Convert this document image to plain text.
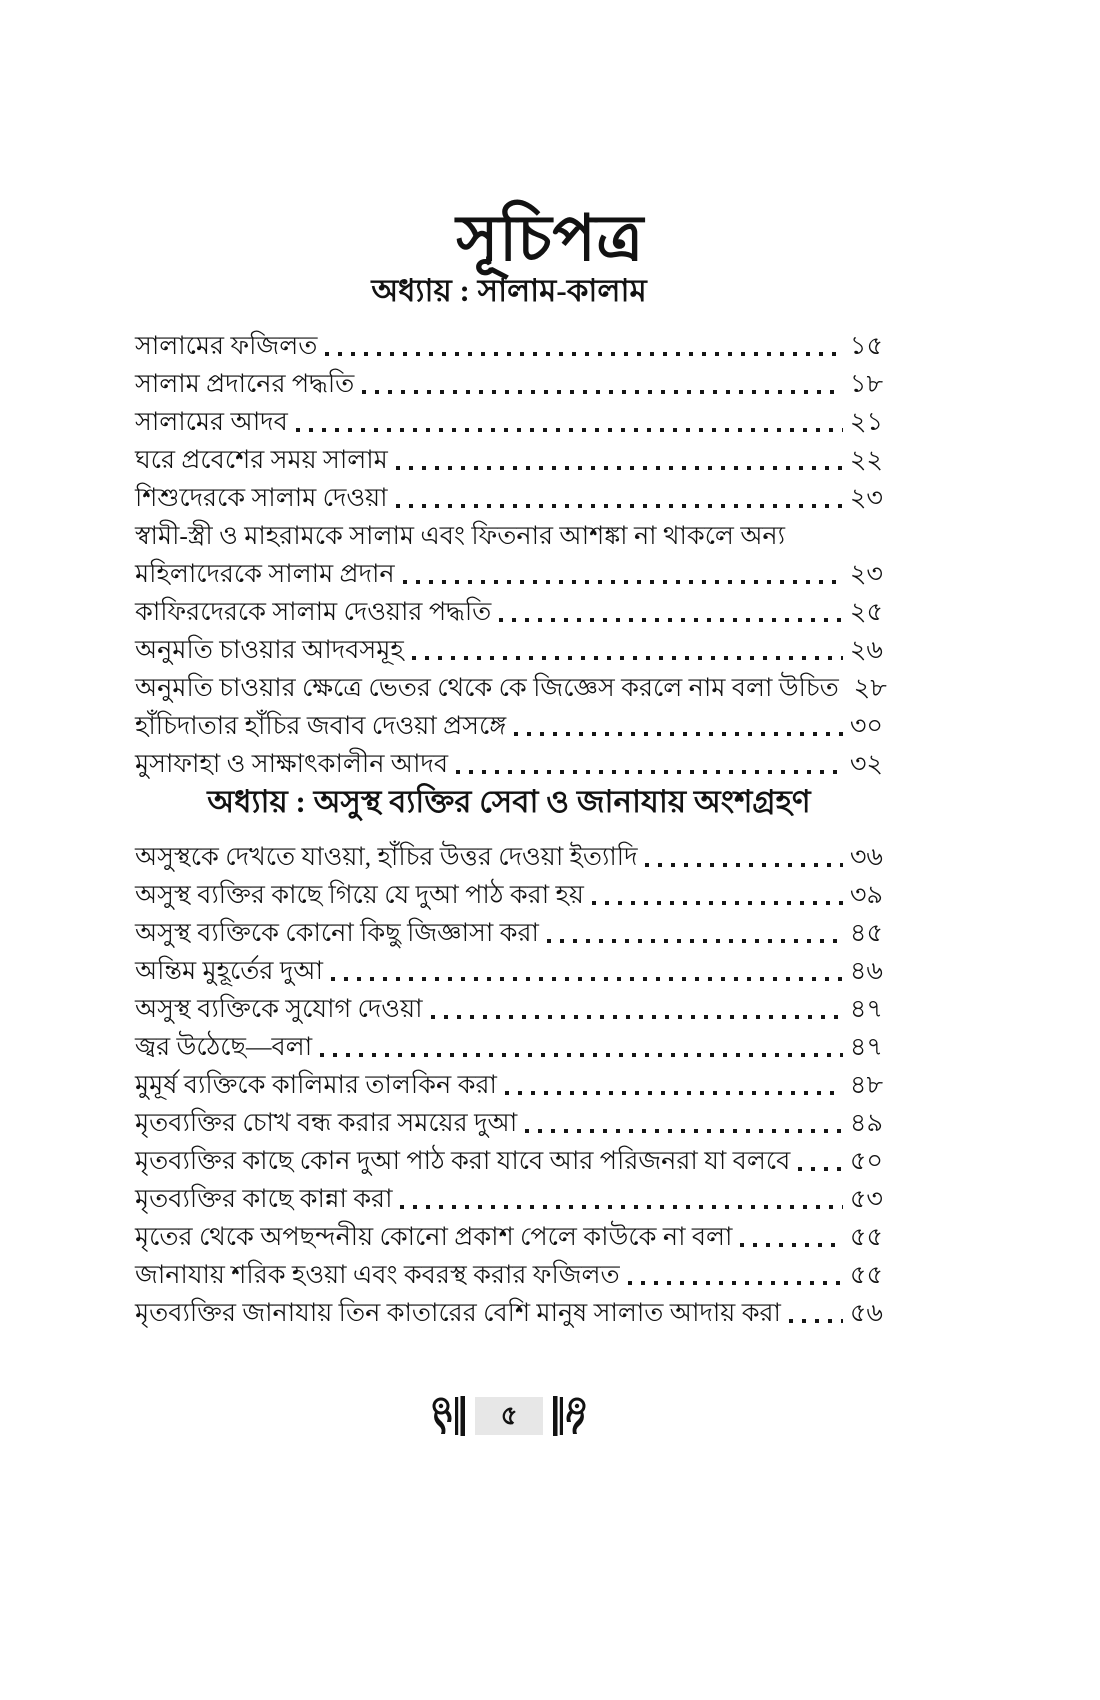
সূচিপত্র
অধ্যায় : সালাম-কালাম
সালামের ফজিলত	১৫
সালাম প্রদানের পদ্ধতি	১৮
সালামের আদব	২১
ঘরে প্রবেশের সময় সালাম	২২
শিশুদেরকে সালাম দেওয়া	২৩
স্বামী-স্ত্রী ও মাহরামকে সালাম এবং ফিতনার আশঙ্কা না থাকলে অন্য
মহিলাদেরকে সালাম প্রদান	২৩
কাফিরদেরকে সালাম দেওয়ার পদ্ধতি	২৫
অনুমতি চাওয়ার আদবসমূহ	২৬
অনুমতি চাওয়ার ক্ষেত্রে ভেতর থেকে কে জিজ্ঞেস করলে নাম বলা উচিত ২৮
হাঁচিদাতার হাঁচির জবাব দেওয়া প্রসঙ্গে	৩০
মুসাফাহা ও সাক্ষাৎকালীন আদব	৩২
অধ্যায় : অসুস্থ ব্যক্তির সেবা ও জানাযায় অংশগ্রহণ
অসুস্থকে দেখতে যাওয়া, হাঁচির উত্তর দেওয়া ইত্যাদি	৩৬
অসুস্থ ব্যক্তির কাছে গিয়ে যে দুআ পাঠ করা হয়	৩৯
অসুস্থ ব্যক্তিকে কোনো কিছু জিজ্ঞাসা করা	৪৫
অন্তিম মুহূর্তের দুআ	৪৬
অসুস্থ ব্যক্তিকে সুযোগ দেওয়া	৪৭
জ্বর উঠেছে—বলা	৪৭
মুমূর্ষ ব্যক্তিকে কালিমার তালকিন করা	৪৮
মৃতব্যক্তির চোখ বন্ধ করার সময়ের দুআ	৪৯
মৃতব্যক্তির কাছে কোন দুআ পাঠ করা যাবে আর পরিজনরা যা বলবে ৫০
মৃতব্যক্তির কাছে কান্না করা	৫৩
মৃতের থেকে অপছন্দনীয় কোনো প্রকাশ পেলে কাউকে না বলা	৫৫
জানাযায় শরিক হওয়া এবং কবরস্থ করার ফজিলত	৫৫
মৃতব্যক্তির জানাযায় তিন কাতারের বেশি মানুষ সালাত আদায় করা	৫৬
৫
